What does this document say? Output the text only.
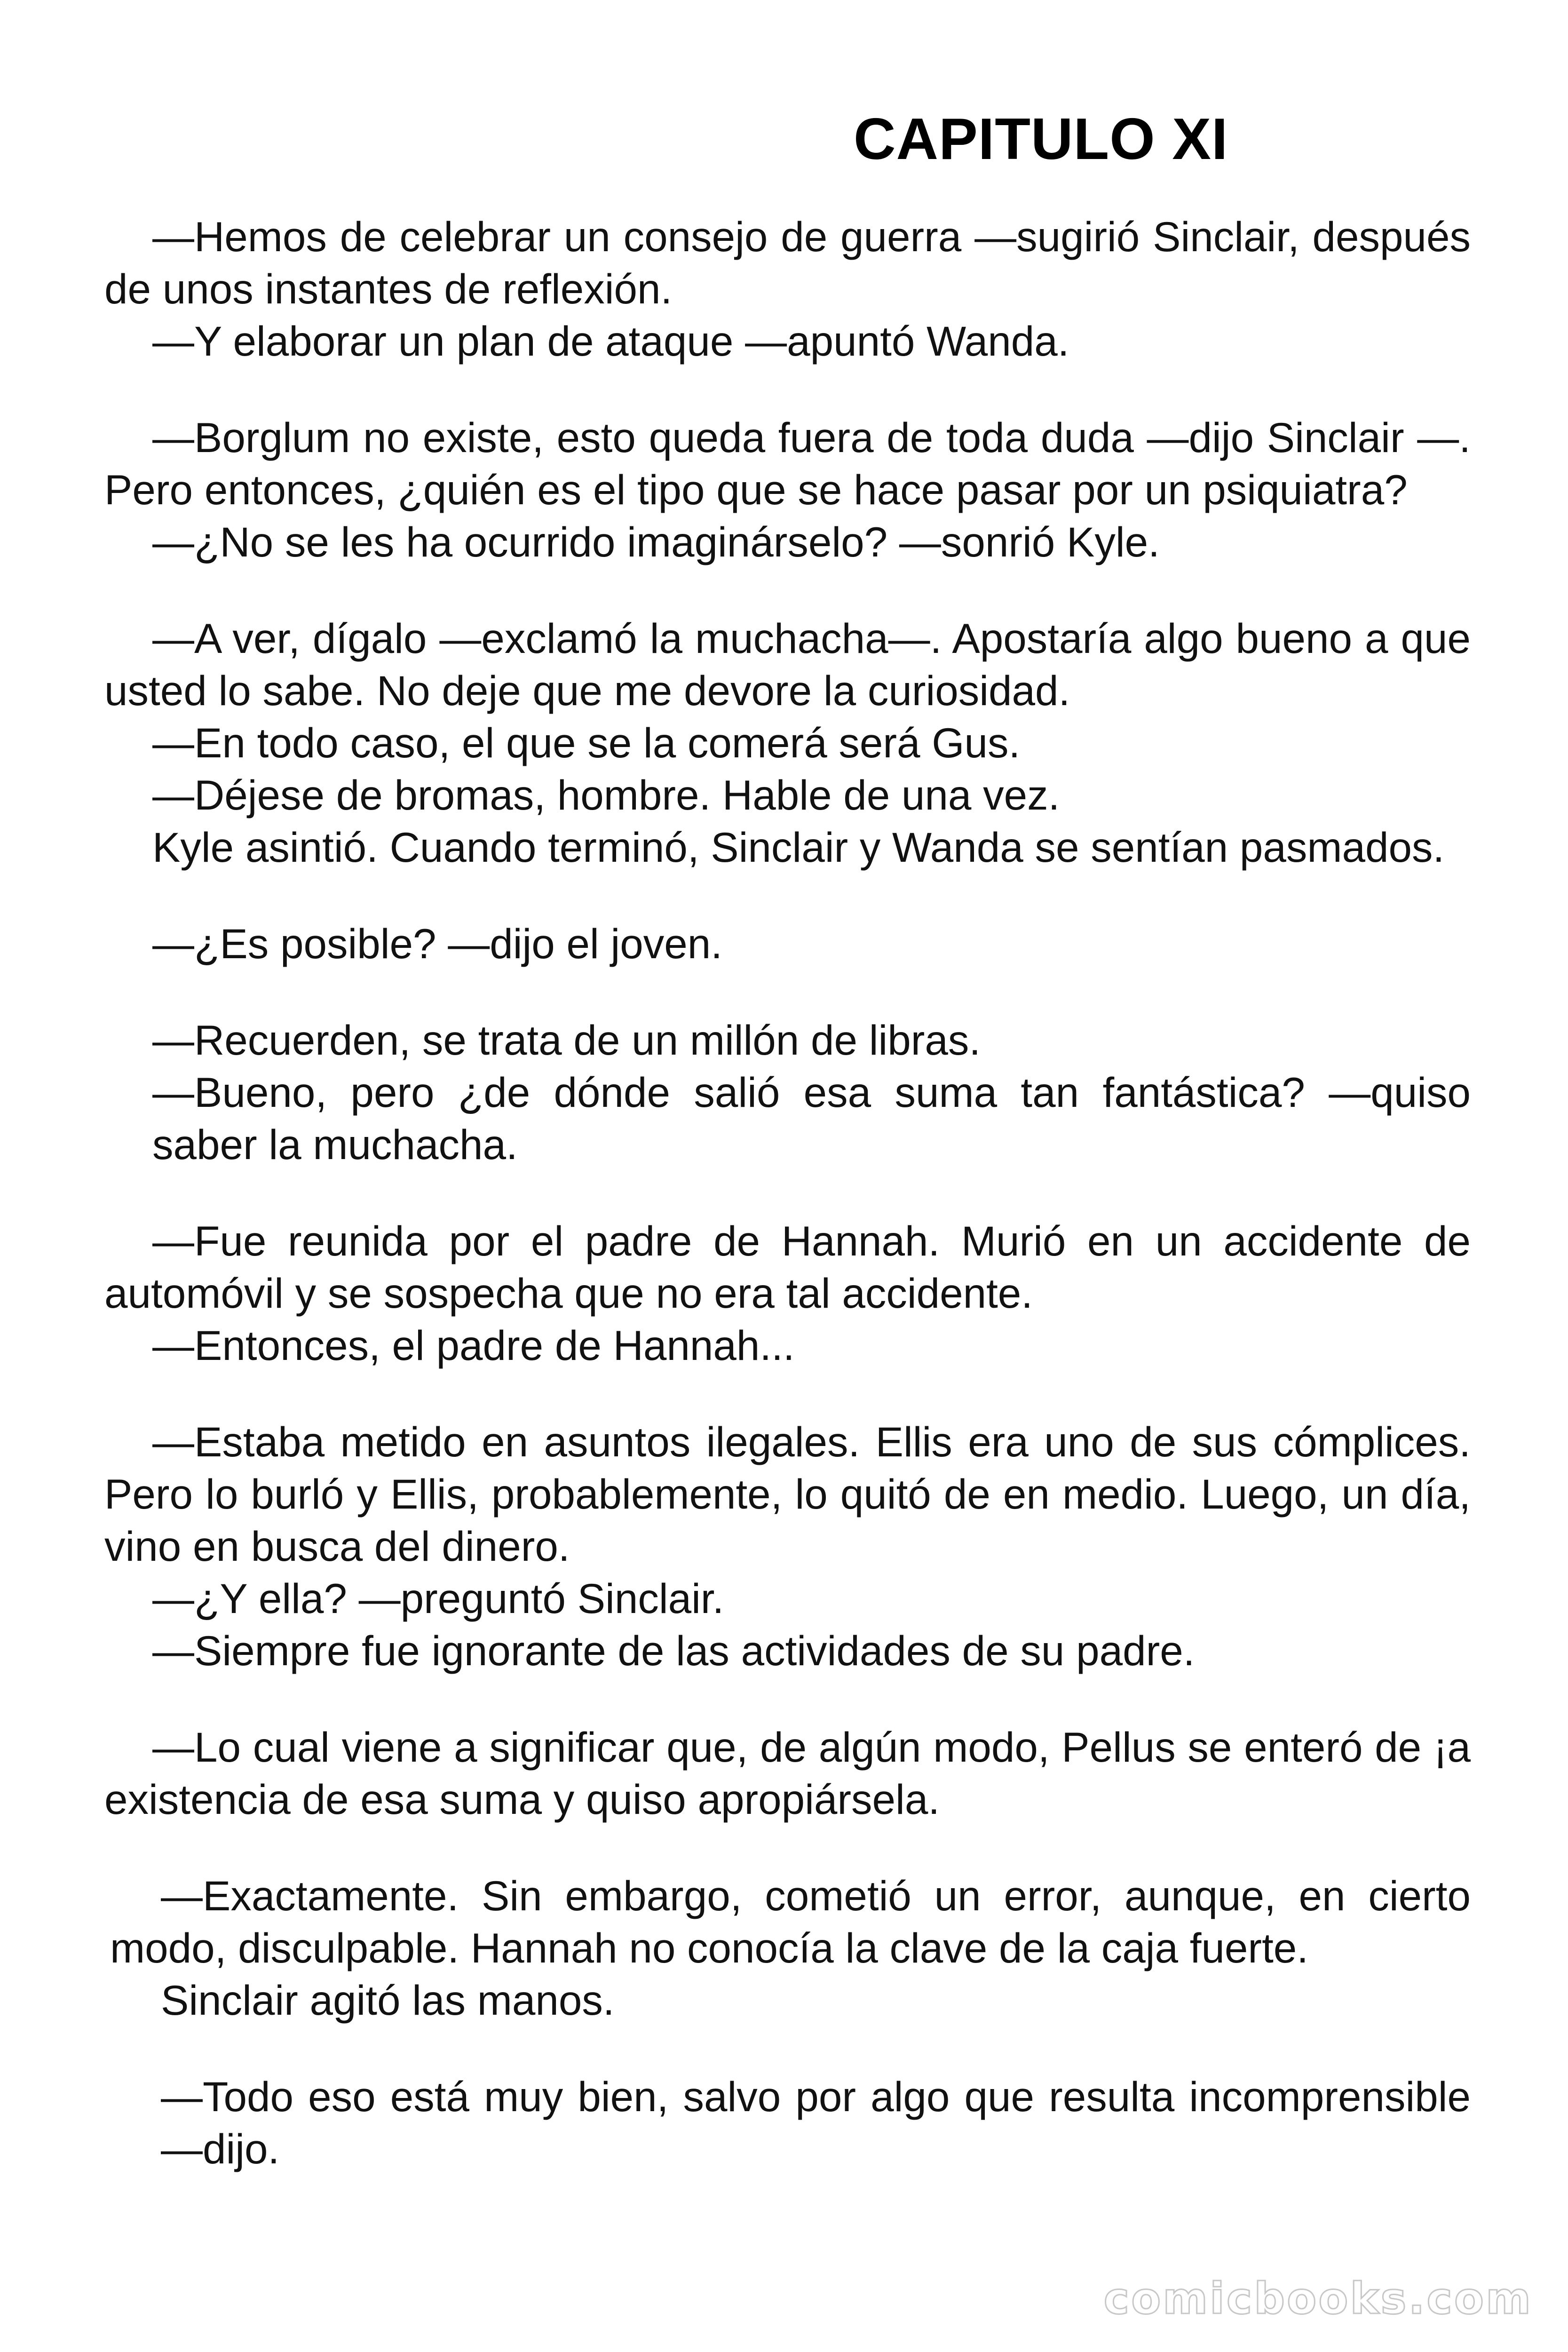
CAPITULO XI

—Hemos de celebrar un consejo de guerra —sugirió Sinclair, después de unos instantes de reflexión.

—Y elaborar un plan de ataque —apuntó Wanda.

—Borglum no existe, esto queda fuera de toda duda —dijo Sinclair —. Pero entonces, ¿quién es el tipo que se hace pasar por un psiquiatra?

—¿No se les ha ocurrido imaginárselo? —sonrió Kyle.

—A ver, dígalo —exclamó la muchacha—. Apostaría algo bueno a que usted lo sabe. No deje que me devore la curiosidad.

—En todo caso, el que se la comerá será Gus.

—Déjese de bromas, hombre. Hable de una vez.

Kyle asintió. Cuando terminó, Sinclair y Wanda se sentían pasmados.

—¿Es posible? —dijo el joven.

—Recuerden, se trata de un millón de libras.

—Bueno, pero ¿de dónde salió esa suma tan fantástica? —quiso saber la muchacha.

—Fue reunida por el padre de Hannah. Murió en un accidente de automóvil y se sospecha que no era tal accidente.

—Entonces, el padre de Hannah...

—Estaba metido en asuntos ilegales. Ellis era uno de sus cómplices. Pero lo burló y Ellis, probablemente, lo quitó de en medio. Luego, un día, vino en busca del dinero.

—¿Y ella? —preguntó Sinclair.

—Siempre fue ignorante de las actividades de su padre.

—Lo cual viene a significar que, de algún modo, Pellus se enteró de ¡a existencia de esa suma y quiso apropiársela.

—Exactamente. Sin embargo, cometió un error, aunque, en cierto modo, disculpable. Hannah no conocía la clave de la caja fuerte.

Sinclair agitó las manos.

—Todo eso está muy bien, salvo por algo que resulta incomprensible —dijo.

comicbooks.com
